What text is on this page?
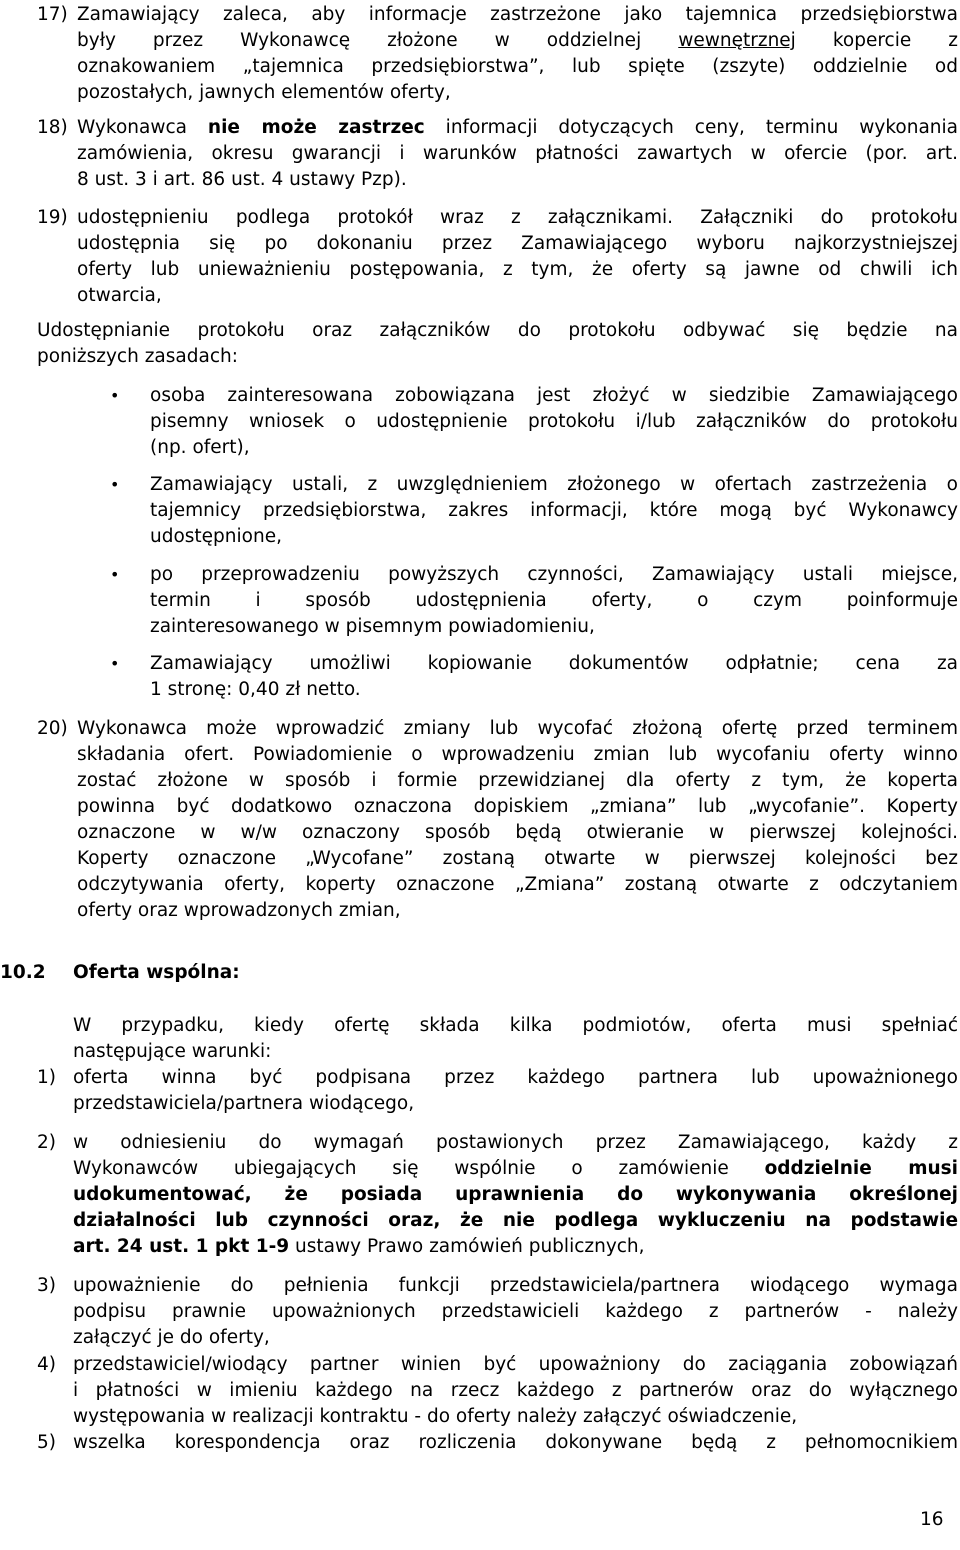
17) Zamawiający zaleca, aby informacje zastrzeżone jako tajemnica przedsiębiorstwa
były przez Wykonawcę złożone w oddzielnej wewnętrznej kopercie z
oznakowaniem „tajemnica przedsiębiorstwa”, lub spięte (zszyte) oddzielnie od
pozostałych, jawnych elementów oferty,
18) Wykonawca nie może zastrzec informacji dotyczących ceny, terminu wykonania
zamówienia, okresu gwarancji i warunków płatności zawartych w ofercie (por. art.
8 ust. 3 i art. 86 ust. 4 ustawy Pzp).
19) udostępnieniu podlega protokół wraz z załącznikami. Załączniki do protokołu
udostępnia się po dokonaniu przez Zamawiającego wyboru najkorzystniejszej
oferty lub unieważnieniu postępowania, z tym, że oferty są jawne od chwili ich
otwarcia,
Udostępnianie protokołu oraz załączników do protokołu odbywać się będzie na
poniższych zasadach:
• osoba zainteresowana zobowiązana jest złożyć w siedzibie Zamawiającego
pisemny wniosek o udostępnienie protokołu i/lub załączników do protokołu
(np. ofert),
• Zamawiający ustali, z uwzględnieniem złożonego w ofertach zastrzeżenia o
tajemnicy przedsiębiorstwa, zakres informacji, które mogą być Wykonawcy
udostępnione,
• po przeprowadzeniu powyższych czynności, Zamawiający ustali miejsce,
termin i sposób udostępnienia oferty, o czym poinformuje
zainteresowanego w pisemnym powiadomieniu,
• Zamawiający umożliwi kopiowanie dokumentów odpłatnie; cena za
1 stronę: 0,40 zł netto.
20) Wykonawca może wprowadzić zmiany lub wycofać złożoną ofertę przed terminem
składania ofert. Powiadomienie o wprowadzeniu zmian lub wycofaniu oferty winno
zostać złożone w sposób i formie przewidzianej dla oferty z tym, że koperta
powinna być dodatkowo oznaczona dopiskiem „zmiana” lub „wycofanie”. Koperty
oznaczone w w/w oznaczony sposób będą otwieranie w pierwszej kolejności.
Koperty oznaczone „Wycofane” zostaną otwarte w pierwszej kolejności bez
odczytywania oferty, koperty oznaczone „Zmiana” zostaną otwarte z odczytaniem
oferty oraz wprowadzonych zmian,
10.2 Oferta wspólna:
W przypadku, kiedy ofertę składa kilka podmiotów, oferta musi spełniać
następujące warunki:
1) oferta winna być podpisana przez każdego partnera lub upoważnionego
przedstawiciela/partnera wiodącego,
2) w odniesieniu do wymagań postawionych przez Zamawiającego, każdy z
Wykonawców ubiegających się wspólnie o zamówienie oddzielnie musi
udokumentować, że posiada uprawnienia do wykonywania określonej
działalności lub czynności oraz, że nie podlega wykluczeniu na podstawie
art. 24 ust. 1 pkt 1-9 ustawy Prawo zamówień publicznych,
3) upoważnienie do pełnienia funkcji przedstawiciela/partnera wiodącego wymaga
podpisu prawnie upoważnionych przedstawicieli każdego z partnerów - należy
załączyć je do oferty,
4) przedstawiciel/wiodący partner winien być upoważniony do zaciągania zobowiązań
i płatności w imieniu każdego na rzecz każdego z partnerów oraz do wyłącznego
występowania w realizacji kontraktu - do oferty należy załączyć oświadczenie,
5) wszelka korespondencja oraz rozliczenia dokonywane będą z pełnomocnikiem
16
